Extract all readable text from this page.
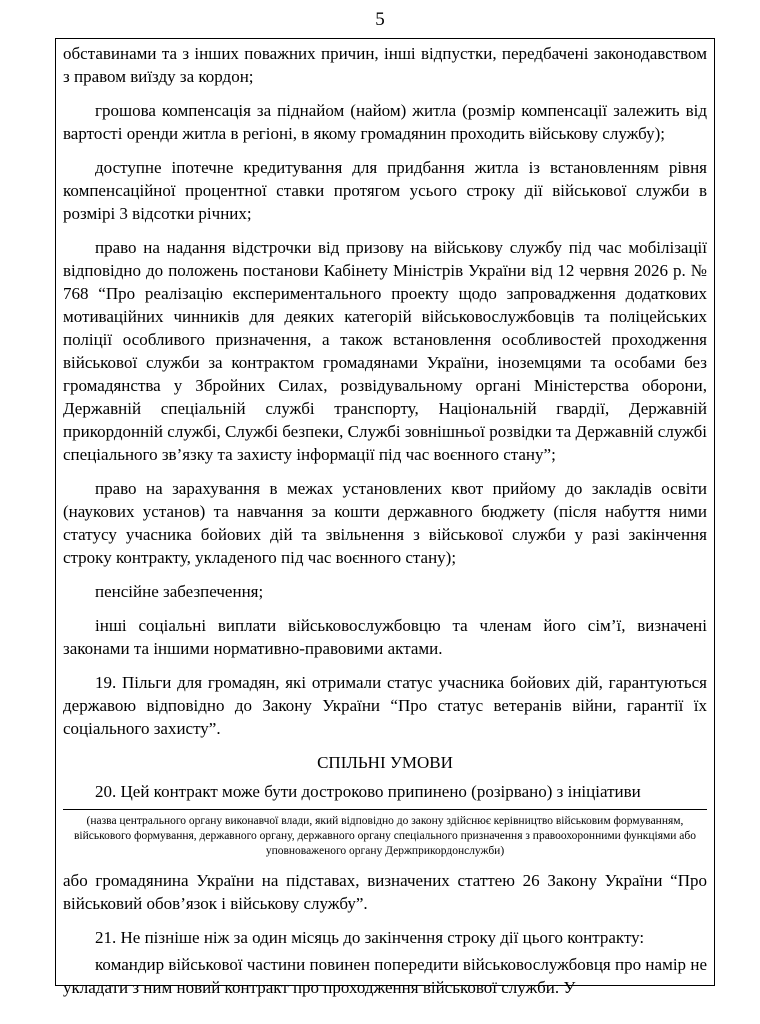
5

обставинами та з інших поважних причин, інші відпустки, передбачені законодавством з правом виїзду за кордон;

грошова компенсація за піднайом (найом) житла (розмір компенсації залежить від вартості оренди житла в регіоні, в якому громадянин проходить військову службу);

доступне іпотечне кредитування для придбання житла із встановленням рівня компенсаційної процентної ставки протягом усього строку дії військової служби в розмірі 3 відсотки річних;

право на надання відстрочки від призову на військову службу під час мобілізації відповідно до положень постанови Кабінету Міністрів України від 12 червня 2026 р. № 768 “Про реалізацію експериментального проекту щодо запровадження додаткових мотиваційних чинників для деяких категорій військовослужбовців та поліцейських поліції особливого призначення, а також встановлення особливостей проходження військової служби за контрактом громадянами України, іноземцями та особами без громадянства у Збройних Силах, розвідувальному органі Міністерства оборони, Державній спеціальній службі транспорту, Національній гвардії, Державній прикордонній службі, Службі безпеки, Службі зовнішньої розвідки та Державній службі спеціального зв’язку та захисту інформації під час воєнного стану”;

право на зарахування в межах установлених квот прийому до закладів освіти (наукових установ) та навчання за кошти державного бюджету (після набуття ними статусу учасника бойових дій та звільнення з військової служби у разі закінчення строку контракту, укладеного під час воєнного стану);

пенсійне забезпечення;

інші соціальні виплати військовослужбовцю та членам його сім’ї, визначені законами та іншими нормативно-правовими актами.

19. Пільги для громадян, які отримали статус учасника бойових дій, гарантуються державою відповідно до Закону України “Про статус ветеранів війни, гарантії їх соціального захисту”.

СПІЛЬНІ УМОВИ

20. Цей контракт може бути достроково припинено (розірвано) з ініціативи

(назва центрального органу виконавчої влади, який відповідно до закону здійснює керівництво військовим формуванням, військового формування, державного органу, державного органу спеціального призначення з правоохоронними функціями або уповноваженого органу Держприкордонслужби)

або громадянина України на підставах, визначених статтею 26 Закону України “Про військовий обов’язок і військову службу”.

21. Не пізніше ніж за один місяць до закінчення строку дії цього контракту:

командир військової частини повинен попередити військовослужбовця про намір не укладати з ним новий контракт про проходження військової служби. У
